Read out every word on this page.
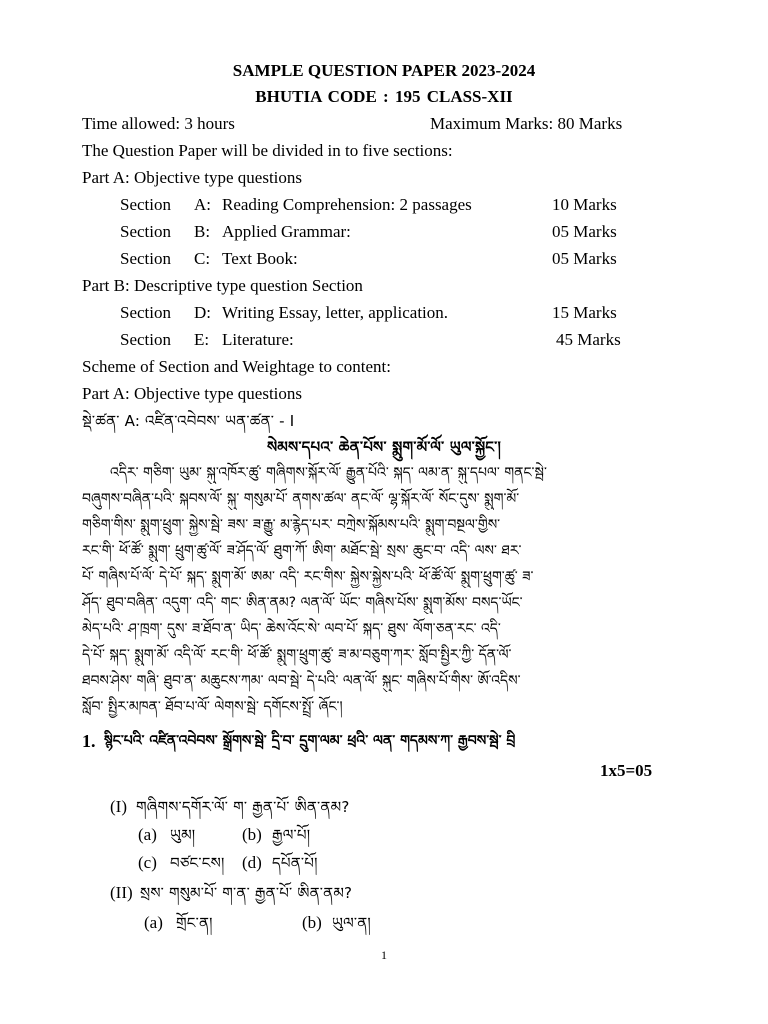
SAMPLE QUESTION PAPER 2023-2024
BHUTIA CODE : 195 CLASS-XII
Time allowed: 3 hours	Maximum Marks: 80 Marks
The Question Paper will be divided in to five sections:
Part A: Objective type questions
Section A: Reading Comprehension: 2 passages	10 Marks
Section B: Applied Grammar:	05 Marks
Section C: Text Book:	05 Marks
Part B: Descriptive type question Section
Section D: Writing Essay, letter, application.	15 Marks
Section E: Literature:	45 Marks
Scheme of Section and Weightage to content:
Part A: Objective type questions
སྡེ་ཚན་ A: འཛིན་འབེབས་ ཡན་ཚན་ - I
སེམས་དཔའ་ ཆེན་པོས་ སྨུག་མོ་ལོ་ ཡུལ་སྐྱོང་།
འདིར་ གཅིག་ ཡུམ་ སྐུ་འཁོར་ཚུ་ གཞིགས་སྐོར་ལོ་ རྒྱུན་པོའི་ སྐད་ ལམ་ན་ སྐུ་དཔལ་ གནང་སྦེ་
བཞུགས་བཞིན་པའི་ སྐབས་ལོ་ སྐུ་ གསུམ་པོ་ ནགས་ཚལ་ ནང་ལོ་ ལྷ་སྐོར་ལོ་ སོང་དུས་ སྨུག་མོ་
གཅིག་གིས་ སྨུག་ཕྲུག་ སྐྱེས་སྦེ་ ཟས་ ཟ་རྒྱུ་ མ་རྙེད་པར་ བཀྲེས་སྐོམས་པའི་ སྨུག་བསྔལ་གྱིས་
རང་གི་ ཕོ་ཚོ་ སྨུག་ ཕྲུག་ཚུ་ལོ་ ཟ་ཤོད་ལོ་ ཐུག་ཀོ་ ཨིག་ མཐོང་སྦེ་ སྲས་ ཆུང་བ་ འདི་ ལས་ ཐར་
པོ་ གཞིས་པོ་ལོ་ དེ་པོ་ སྐད་ སྨུག་མོ་ ཨམ་ འདི་ རང་གིས་ སྐྱེས་སྐྱེས་པའི་ ཕོ་ཚོ་ལོ་ སྨུག་ཕྲུག་ཚུ་ ཟ་
ཤོད་ ཐུབ་བཞིན་ འདུག་ འདི་ གང་ ཨིན་ནམ? ལན་ལོ་ ཡོང་ གཞིས་པོས་ སྨུག་མོས་ བསད་ཡོང་
མེད་པའི་ ཤ་ཁྲག་ དུས་ ཟ་ཐོབ་ན་ ཡིད་ ཆེས་འོང་སེ་ ལབ་པོ་ སྐད་ ཐུས་ ལོག་ཅན་རང་ འདི་
དེ་པོ་ སྐད་ སྨུག་མོ་ འདི་ལོ་ རང་གི་ ཕོ་ཚོ་ སྨུག་ཕྲུག་ཚུ་ ཟ་མ་བཅུག་ཀར་ སློབ་སྤྱིར་ཀྱི་ དོན་ལོ་
ཐབས་ཤེས་ གཞི་ ཐུབ་ན་ མཆུངས་ཀམ་ ལབ་སྦེ་ དེ་པའི་ ལན་ལོ་ སྐུང་ གཞིས་པོ་གིས་ ཨོ་འདིས་
སློབ་ སྤྱིར་མཁན་ ཐོབ་པ་ལོ་ ལེགས་སྦེ་ དགོངས་སྤྲོ་ ཞོང་།
1. སྙིང་པའི་ འཛིན་འབེབས་ སྒྲོགས་སྦེ་ དྲི་བ་ དྲུག་ལམ་ ཕྲའི་ ལན་ གདམས་ཀ་ རྒྱབས་སྦེ་ བྲི
1x5=05
(I) གཞིགས་དགོར་ལོ་ ག་ རྒྱན་པོ་ ཨིན་ནམ?
(a) ཡུམ།	(b) རྒྱལ་པོ།
(c) བཙང་ངས། (d) དཔོན་པོ།
(II) སྲས་ གསུམ་པོ་ ག་ན་ རྒྱན་པོ་ ཨིན་ནམ?
(a) གྲོང་ན།	(b) ཡུལ་ན།
1
